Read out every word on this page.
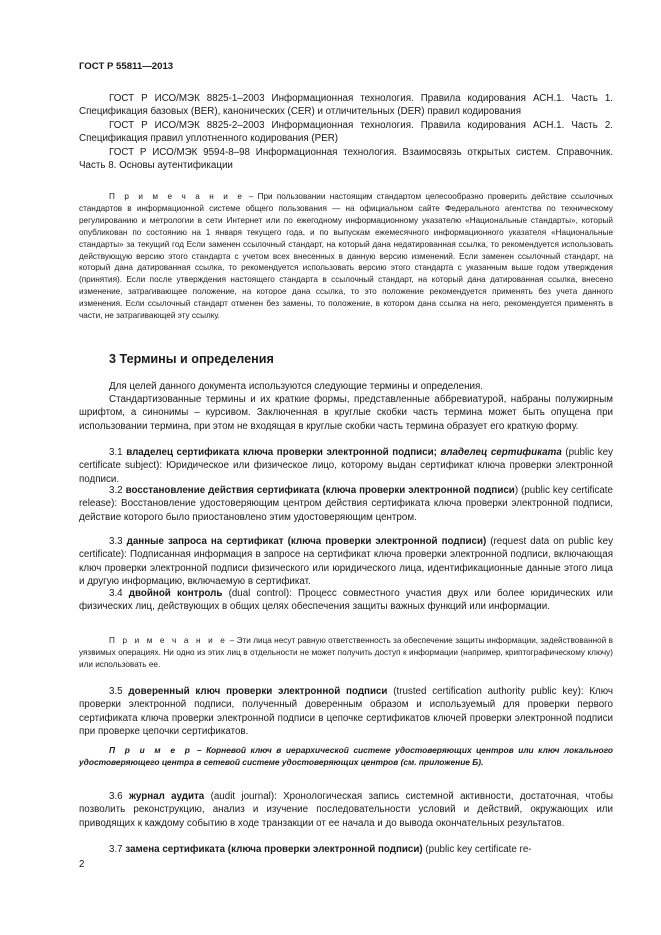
ГОСТ Р 55811—2013

ГОСТ Р ИСО/МЭК 8825-1–2003 Информационная технология. Правила кодирования АСН.1. Часть 1. Спецификация базовых (BER), канонических (CER) и отличительных (DER) правил кодирования

ГОСТ Р ИСО/МЭК 8825-2–2003 Информационная технология. Правила кодирования АСН.1. Часть 2. Спецификация правил уплотненного кодирования (PER)

ГОСТ Р ИСО/МЭК 9594-8–98 Информационная технология. Взаимосвязь открытых систем. Справочник. Часть 8. Основы аутентификации

П р и м е ч а н и е – При пользовании настоящим стандартом целесообразно проверить действие ссылочных стандартов в информационной системе общего пользования — на официальном сайте Федерального агентства по техническому регулированию и метрологии в сети Интернет или по ежегодному информационному указателю «Национальные стандарты», который опубликован по состоянию на 1 января текущего года, и по выпускам ежемесячного информационного указателя «Национальные стандарты» за текущий год Если заменен ссылочный стандарт, на который дана недатированная ссылка, то рекомендуется использовать действующую версию этого стандарта с учетом всех внесенных в данную версию изменений. Если заменен ссылочный стандарт, на который дана датированная ссылка, то рекомендуется использовать версию этого стандарта с указанным выше годом утверждения (принятия). Если после утверждения настоящего стандарта в ссылочный стандарт, на который дана датированная ссылка, внесено изменение, затрагивающее положение, на которое дана ссылка, то это положение рекомендуется применять без учета данного изменения. Если ссылочный стандарт отменен без замены, то положение, в котором дана ссылка на него, рекомендуется применять в части, не затрагивающей эту ссылку.
3 Термины и определения
Для целей данного документа используются следующие термины и определения.
Стандартизованные термины и их краткие формы, представленные аббревиатурой, набраны полужирным шрифтом, а синонимы – курсивом. Заключенная в круглые скобки часть термина может быть опущена при использовании термина, при этом не входящая в круглые скобки часть термина образует его краткую форму.
3.1 владелец сертификата ключа проверки электронной подписи; владелец сертификата (public key certificate subject): Юридическое или физическое лицо, которому выдан сертификат ключа проверки электронной подписи.
3.2 восстановление действия сертификата (ключа проверки электронной подписи) (public key certificate release): Восстановление удостоверяющим центром действия сертификата ключа проверки электронной подписи, действие которого было приостановлено этим удостоверяющим центром.
3.3 данные запроса на сертификат (ключа проверки электронной подписи) (request data on public key certificate): Подписанная информация в запросе на сертификат ключа проверки электронной подписи, включающая ключ проверки электронной подписи физического или юридического лица, идентификационные данные этого лица и другую информацию, включаемую в сертификат.
3.4 двойной контроль (dual control): Процесс совместного участия двух или более юридических или физических лиц, действующих в общих целях обеспечения защиты важных функций или информации.
П р и м е ч а н и е – Эти лица несут равную ответственность за обеспечение защиты информации, задействованной в уязвимых операциях. Ни одно из этих лиц в отдельности не может получить доступ к информации (например, криптографическому ключу) или использовать ее.
3.5 доверенный ключ проверки электронной подписи (trusted certification authority public key): Ключ проверки электронной подписи, полученный доверенным образом и используемый для проверки первого сертификата ключа проверки электронной подписи в цепочке сертификатов ключей проверки электронной подписи при проверке цепочки сертификатов.
П р и м е р – Корневой ключ в иерархической системе удостоверяющих центров или ключ локального удостоверяющего центра в сетевой системе удостоверяющих центров (см. приложение Б).
3.6 журнал аудита (audit journal): Хронологическая запись системной активности, достаточная, чтобы позволить реконструкцию, анализ и изучение последовательности условий и действий, окружающих или приводящих к каждому событию в ходе транзакции от ее начала и до вывода окончательных результатов.
3.7 замена сертификата (ключа проверки электронной подписи) (public key certificate re-
2
